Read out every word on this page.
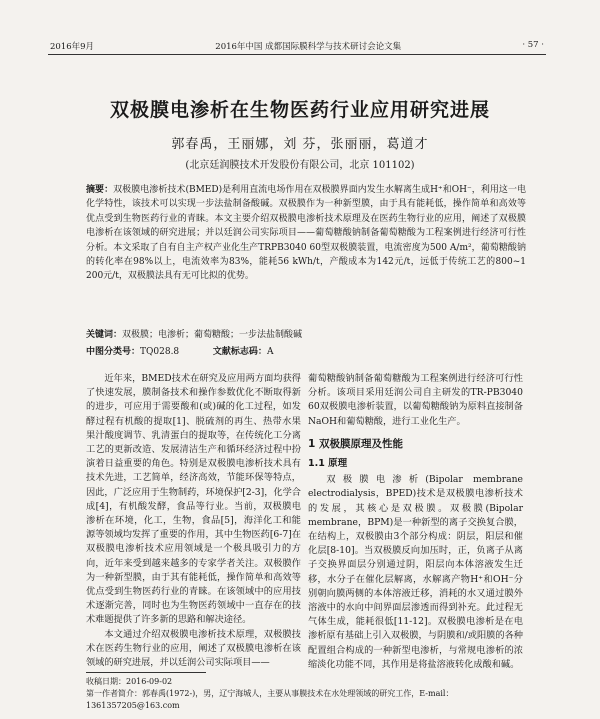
2016年9月	2016年中国 成都国际膜科学与技术研讨会论文集	· 57 ·
双极膜电渗析在生物医药行业应用研究进展
郭春禹，王丽娜，刘 芬，张丽丽，葛道才
(北京廷润膜技术开发股份有限公司，北京 101102)
摘要：双极膜电渗析技术(BMED)是利用直流电场作用在双极膜界面内发生水解离生成H⁺和OH⁻，利用这一电化学特性，该技术可以实现一步法盐制备酸碱。双极膜作为一种新型膜，由于具有能耗低，操作简单和高效等优点受到生物医药行业的青睐。本文主要介绍双极膜电渗析技术原理及在医药生物行业的应用，阐述了双极膜电渗析在该领域的研究进展；并以廷润公司实际项目——葡萄糖酸钠制备葡萄糖酸为工程案例进行经济可行性分析。本文采取了自有自主产权产业化生产TRPB3040 60型双极膜装置，电流密度为500 A/m²，葡萄糖酸钠的转化率在98%以上，电流效率为83%，能耗56 kWh/t，产酸成本为142元/t，远低于传统工艺的800~1 200元/t，双极膜法具有无可比拟的优势。
关键词：双极膜；电渗析；葡萄糖酸；一步法盐制酸碱
中图分类号：TQ028.8	文献标志码：A

近年来，BMED技术在研究及应用两方面均获得了快速发展，膜制备技术和操作参数优化不断取得新的进步，可应用于需要酸和(或)碱的化工过程，如发酵过程有机酸的提取[1]、脱硫剂的再生、热带水果果汁酸度调节、乳清蛋白的提取等，在传统化工分离工艺的更新改造、发展清洁生产和循环经济过程中扮演着日益重要的角色。特别是双极膜电渗析技术具有技术先进，工艺简单，经济高效，节能环保等特点，因此，广泛应用于生物制药，环境保护[2-3]，化学合成[4]，有机酸发酵，食品等行业。当前，双极膜电渗析在环境，化工，生物，食品[5]，海洋化工和能源等领域均发挥了重要的作用，其中生物医药[6-7]在双极膜电渗析技术应用领域是一个极具吸引力的方向，近年来受到越来越多的专家学者关注。双极膜作为一种新型膜，由于其有能耗低，操作简单和高效等优点受到生物医药行业的青睐。在该领域中的应用技术逐渐完善，同时也为生物医药领域中一直存在的技术难题提供了许多新的思路和解决途径。

本文通过介绍双极膜电渗析技术原理，双极膜技术在医药生物行业的应用，阐述了双极膜电渗析在该领域的研究进展，并以廷润公司实际项目——

葡萄糖酸钠制备葡萄糖酸为工程案例进行经济可行性分析。该项目采用廷润公司自主研发的TR-PB3040 60双极膜电渗析装置，以葡萄糖酸钠为原料直接制备NaOH和葡萄糖酸，进行工业化生产。

1 双极膜原理及性能
1.1 原理

双极膜电渗析(Bipolar membrane electrodialysis，BPED)技术是双极膜电渗析技术的发展，其核心是双极膜。双极膜(Bipolar membrane，BPM)是一种新型的离子交换复合膜，在结构上，双极膜由3个部分构成：阴层，阳层和催化层[8-10]。当双极膜反向加压时，正，负离子从离子交换界面层分别通过阴，阳层向本体溶液发生迁移，水分子在催化层解离，水解离产物H⁺和OH⁻分别朝向膜两侧的本体溶液迁移，消耗的水又通过膜外溶液中的水向中间界面层渗透而得到补充。此过程无气体生成，能耗很低[11-12]。双极膜电渗析是在电渗析原有基础上引入双极膜，与阴膜和/或阳膜的各种配置组合构成的一种新型电渗析，与常规电渗析的浓缩淡化功能不同，其作用是将盐溶液转化成酸和碱。

收稿日期：2016-09-02
第一作者简介：郭春禹(1972-)，男，辽宁海城人，主要从事膜技术在水处理领域的研究工作，E-mail：1361357205@163.com
